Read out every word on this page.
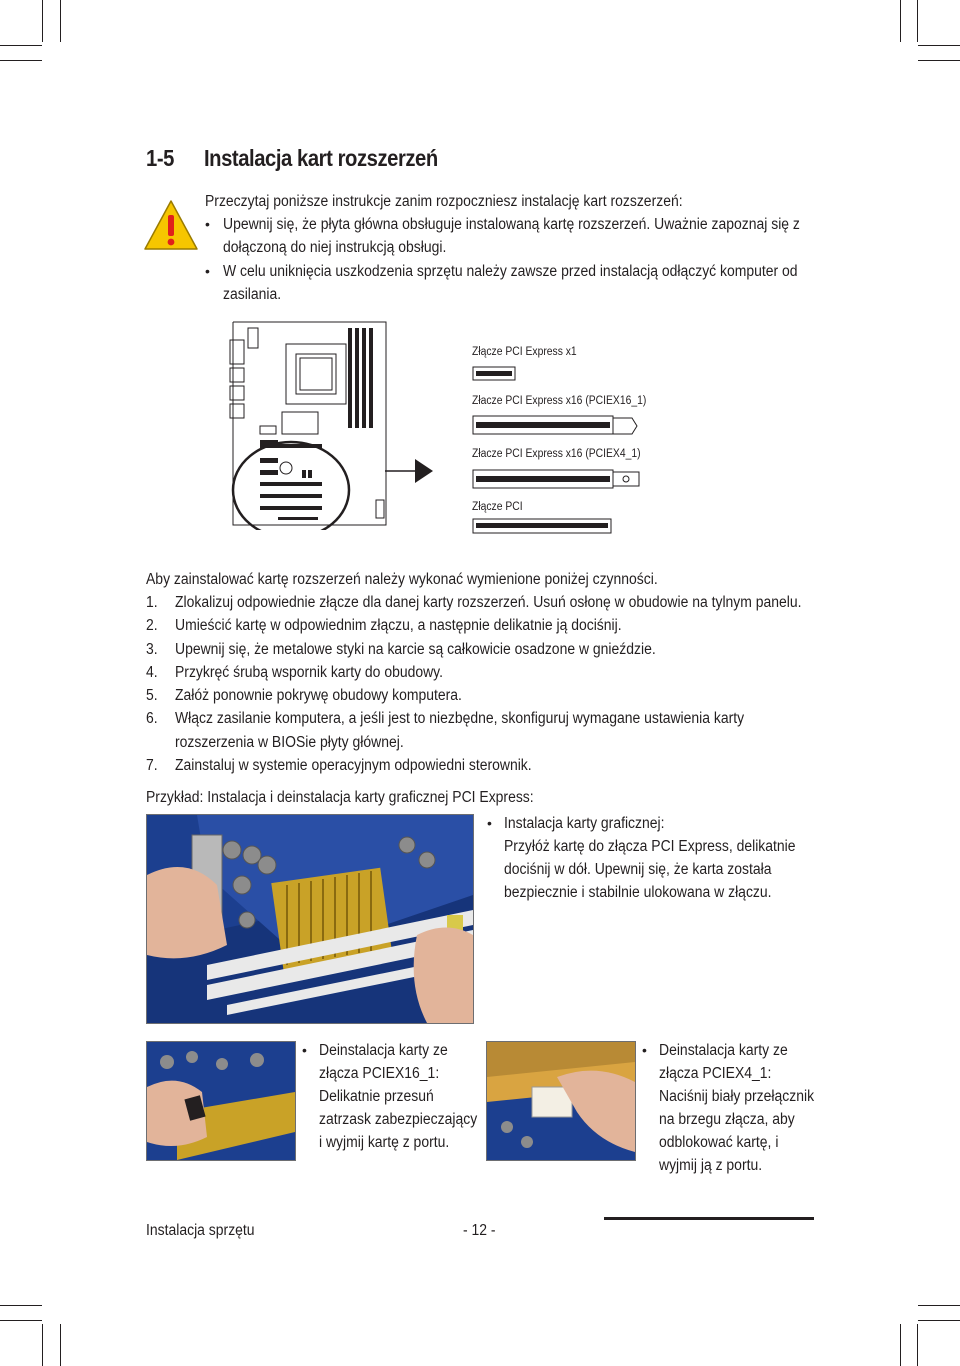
1-5 Instalacja kart rozszerzeń
Przeczytaj poniższe instrukcje zanim rozpoczniesz instalację kart rozszerzeń:
• Upewnij się, że płyta główna obsługuje instalowaną kartę rozszerzeń. Uważnie zapoznaj się z
dołączoną do niej instrukcją obsługi.
• W celu uniknięcia uszkodzenia sprzętu należy zawsze przed instalacją odłączyć komputer od
zasilania.
Złącze PCI Express x1
Złacze PCI Express x16 (PCIEX16_1)
Złacze PCI Express x16 (PCIEX4_1)
Złącze PCI
Aby zainstalować kartę rozszerzeń należy wykonać wymienione poniżej czynności.
1. Zlokalizuj odpowiednie złącze dla danej karty rozszerzeń. Usuń osłonę w obudowie na tylnym panelu.
2. Umieścić kartę w odpowiednim złączu, a następnie delikatnie ją dociśnij.
3. Upewnij się, że metalowe styki na karcie są całkowicie osadzone w gnieździe.
4. Przykręć śrubą wspornik karty do obudowy.
5. Załóż ponownie pokrywę obudowy komputera.
6. Włącz zasilanie komputera, a jeśli jest to niezbędne, skonfiguruj wymagane ustawienia karty
rozszerzenia w BIOSie płyty głównej.
7. Zainstaluj w systemie operacyjnym odpowiedni sterownik.
Przykład: Instalacja i deinstalacja karty graficznej PCI Express:
• Instalacja karty graficznej:
Przyłóż kartę do złącza PCI Express, delikatnie
dociśnij w dół. Upewnij się, że karta została
bezpiecznie i stabilnie ulokowana w złączu.
• Deinstalacja karty ze
złącza PCIEX16_1:
Delikatnie przesuń
zatrzask zabezpieczający
i wyjmij kartę z portu.
• Deinstalacja karty ze
złącza PCIEX4_1:
Naciśnij biały przełącznik
na brzegu złącza, aby
odblokować kartę, i
wyjmij ją z portu.
Instalacja sprzętu	- 12 -
